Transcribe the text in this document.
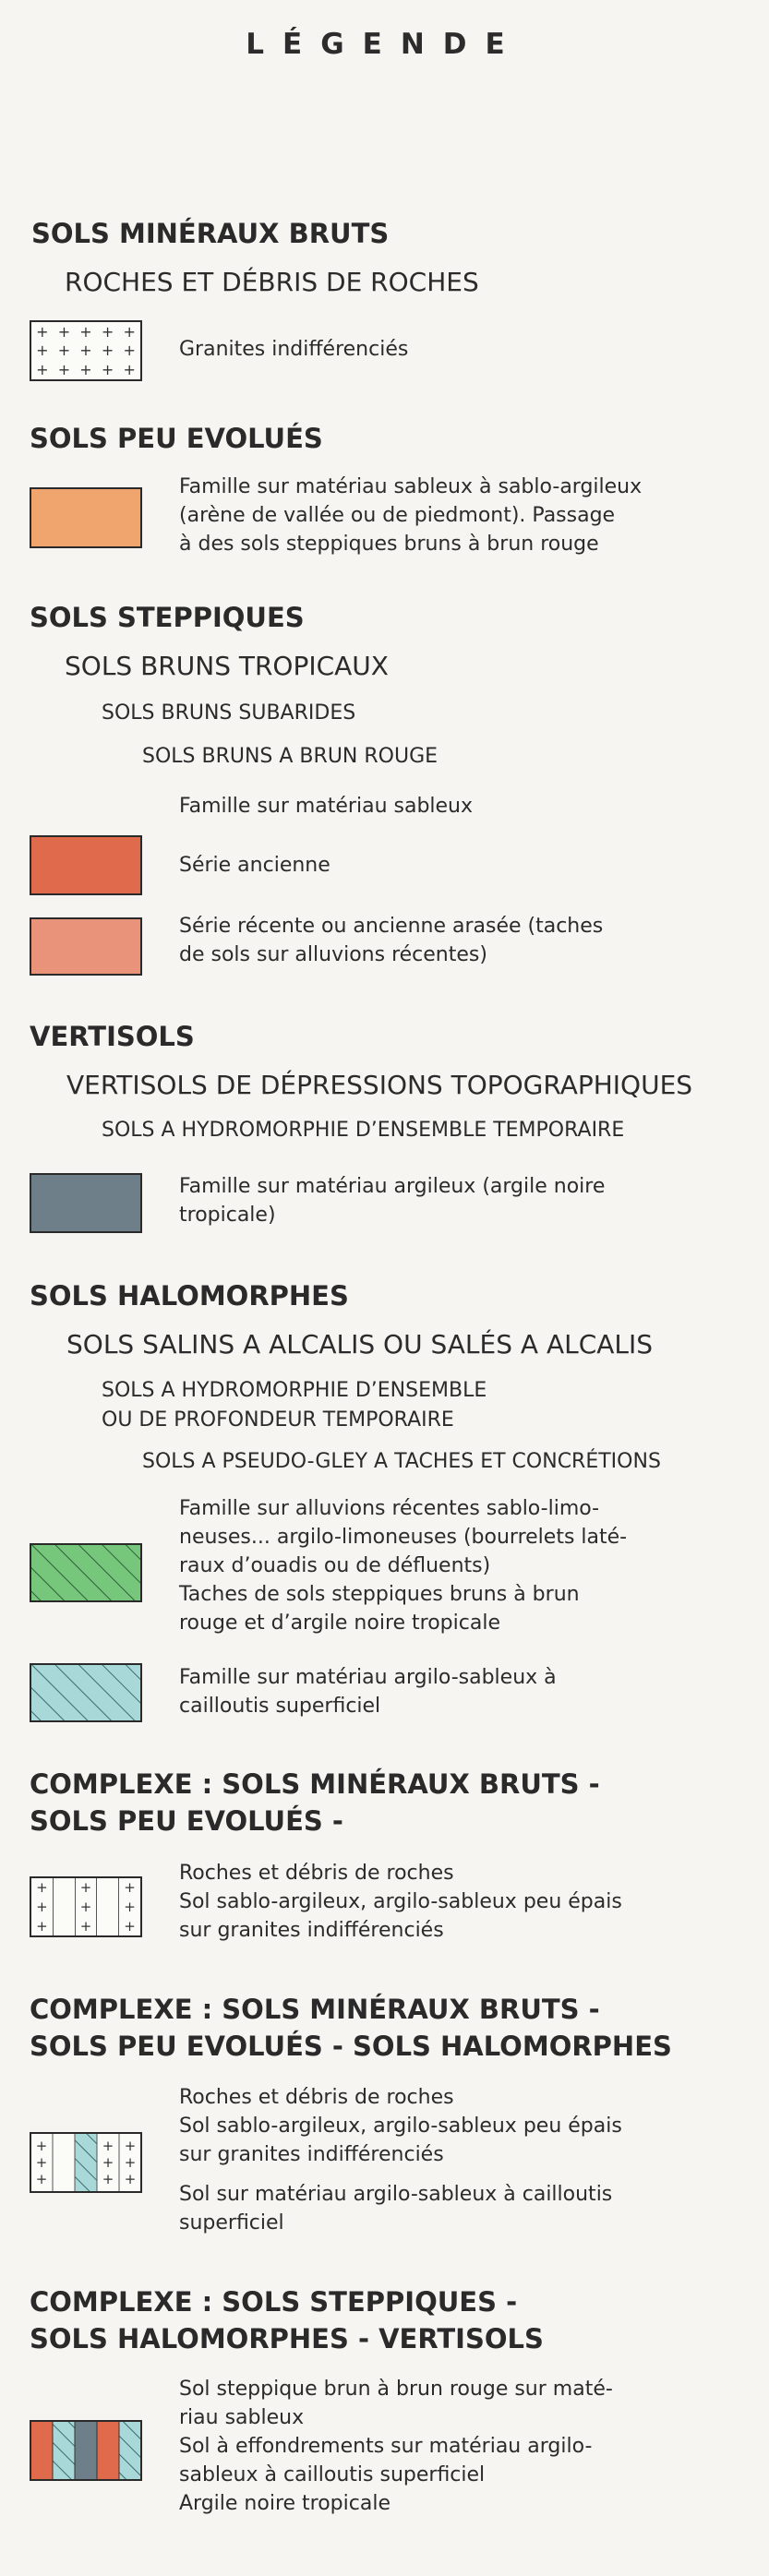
LÉGENDE
SOLS MINÉRAUX BRUTS
ROCHES ET DÉBRIS DE ROCHES
+ + + + +
+ + + + +
+ + + + +
Granites indifférenciés
SOLS PEU EVOLUÉS
Famille sur matériau sableux à sablo-argileux
(arène de vallée ou de piedmont). Passage
à des sols steppiques bruns à brun rouge
SOLS STEPPIQUES
SOLS BRUNS TROPICAUX
SOLS BRUNS SUBARIDES
SOLS BRUNS A BRUN ROUGE
Famille sur matériau sableux
Série ancienne
Série récente ou ancienne arasée (taches
de sols sur alluvions récentes)
VERTISOLS
VERTISOLS DE DÉPRESSIONS TOPOGRAPHIQUES
SOLS A HYDROMORPHIE D’ENSEMBLE TEMPORAIRE
Famille sur matériau argileux (argile noire
tropicale)
SOLS HALOMORPHES
SOLS SALINS A ALCALIS OU SALÉS A ALCALIS
SOLS A HYDROMORPHIE D’ENSEMBLE
OU DE PROFONDEUR TEMPORAIRE
SOLS A PSEUDO-GLEY A TACHES ET CONCRÉTIONS
Famille sur alluvions récentes sablo-limo-
neuses... argilo-limoneuses (bourrelets laté-
raux d’ouadis ou de défluents)
Taches de sols steppiques bruns à brun
rouge et d’argile noire tropicale
Famille sur matériau argilo-sableux à
cailloutis superficiel
COMPLEXE : SOLS MINÉRAUX BRUTS -
SOLS PEU EVOLUÉS -
+
+
+
+
+
+
+
+
+
Roches et débris de roches
Sol sablo-argileux, argilo-sableux peu épais
sur granites indifférenciés
COMPLEXE : SOLS MINÉRAUX BRUTS -
SOLS PEU EVOLUÉS - SOLS HALOMORPHES
+
+
+
+
+
+
+
+
+
Roches et débris de roches
Sol sablo-argileux, argilo-sableux peu épais
sur granites indifférenciés
Sol sur matériau argilo-sableux à cailloutis
superficiel
COMPLEXE : SOLS STEPPIQUES -
SOLS HALOMORPHES - VERTISOLS
Sol steppique brun à brun rouge sur maté-
riau sableux
Sol à effondrements sur matériau argilo-
sableux à cailloutis superficiel
Argile noire tropicale
